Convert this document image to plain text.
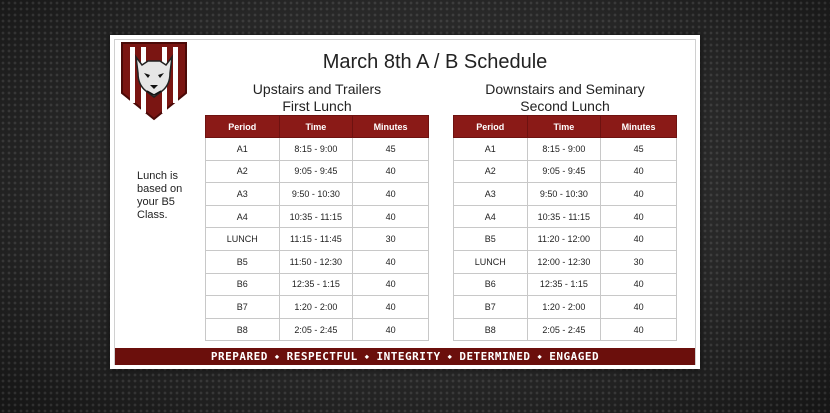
March 8th A / B Schedule
Upstairs and Trailers
First Lunch
Downstairs and Seminary
Second Lunch
Lunch is based on your B5 Class.
Period	Time	Minutes
A1	8:15 - 9:00	45
A2	9:05 - 9:45	40
A3	9:50 - 10:30	40
A4	10:35 - 11:15	40
LUNCH	11:15 - 11:45	30
B5	11:50 - 12:30	40
B6	12:35 - 1:15	40
B7	1:20 - 2:00	40
B8	2:05 - 2:45	40
Period	Time	Minutes
A1	8:15 - 9:00	45
A2	9:05 - 9:45	40
A3	9:50 - 10:30	40
A4	10:35 - 11:15	40
B5	11:20 - 12:00	40
LUNCH	12:00 - 12:30	30
B6	12:35 - 1:15	40
B7	1:20 - 2:00	40
B8	2:05 - 2:45	40
PREPARED ⬩ RESPECTFUL ⬩ INTEGRITY ⬩ DETERMINED ⬩ ENGAGED
